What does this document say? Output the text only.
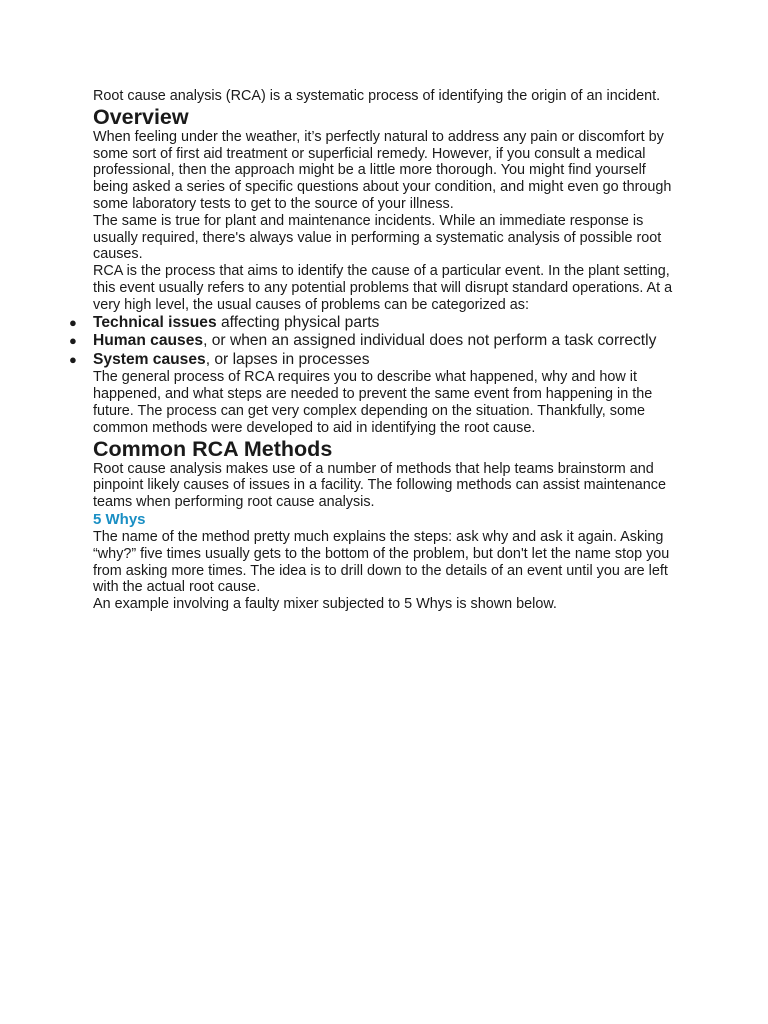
Root cause analysis (RCA) is a systematic process of identifying the origin of an incident.

Overview

When feeling under the weather, it’s perfectly natural to address any pain or discomfort by some sort of first aid treatment or superficial remedy. However, if you consult a medical professional, then the approach might be a little more thorough. You might find yourself being asked a series of specific questions about your condition, and might even go through some laboratory tests to get to the source of your illness.

The same is true for plant and maintenance incidents. While an immediate response is usually required, there's always value in performing a systematic analysis of possible root causes.

RCA is the process that aims to identify the cause of a particular event. In the plant setting, this event usually refers to any potential problems that will disrupt standard operations. At a very high level, the usual causes of problems can be categorized as:

● Technical issues affecting physical parts
● Human causes, or when an assigned individual does not perform a task correctly
● System causes, or lapses in processes

The general process of RCA requires you to describe what happened, why and how it happened, and what steps are needed to prevent the same event from happening in the future. The process can get very complex depending on the situation. Thankfully, some common methods were developed to aid in identifying the root cause.

Common RCA Methods

Root cause analysis makes use of a number of methods that help teams brainstorm and pinpoint likely causes of issues in a facility. The following methods can assist maintenance teams when performing root cause analysis.

5 Whys

The name of the method pretty much explains the steps: ask why and ask it again. Asking “why?” five times usually gets to the bottom of the problem, but don't let the name stop you from asking more times. The idea is to drill down to the details of an event until you are left with the actual root cause.

An example involving a faulty mixer subjected to 5 Whys is shown below.
